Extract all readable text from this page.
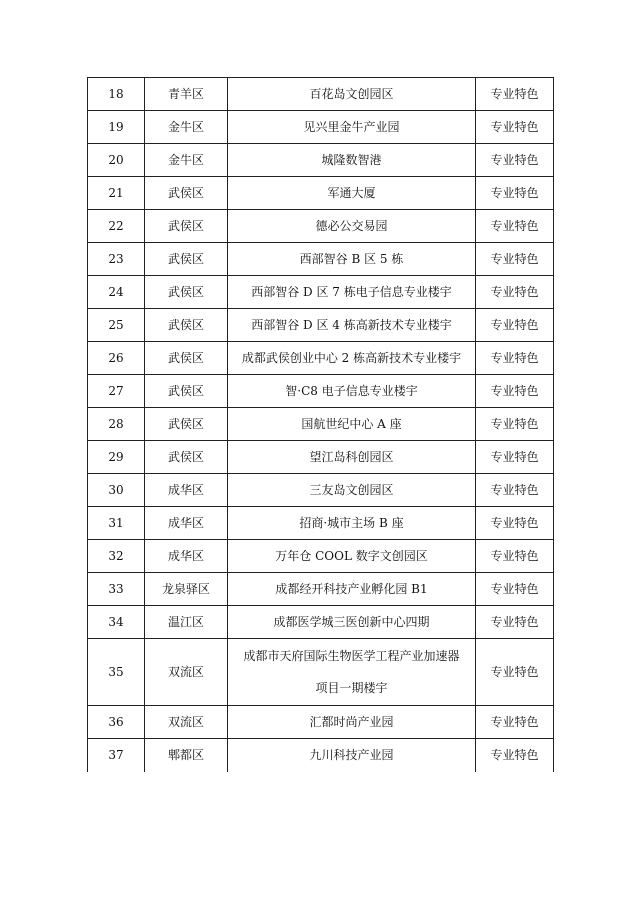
18	青羊区	百花岛文创园区	专业特色
19	金牛区	见兴里金牛产业园	专业特色
20	金牛区	城隆数智港	专业特色
21	武侯区	军通大厦	专业特色
22	武侯区	德必公交易园	专业特色
23	武侯区	西部智谷 B 区 5 栋	专业特色
24	武侯区	西部智谷 D 区 7 栋电子信息专业楼宇	专业特色
25	武侯区	西部智谷 D 区 4 栋高新技术专业楼宇	专业特色
26	武侯区	成都武侯创业中心 2 栋高新技术专业楼宇	专业特色
27	武侯区	智·C8 电子信息专业楼宇	专业特色
28	武侯区	国航世纪中心 A 座	专业特色
29	武侯区	望江岛科创园区	专业特色
30	成华区	三友岛文创园区	专业特色
31	成华区	招商·城市主场 B 座	专业特色
32	成华区	万年仓 COOL 数字文创园区	专业特色
33	龙泉驿区	成都经开科技产业孵化园 B1	专业特色
34	温江区	成都医学城三医创新中心四期	专业特色
35	双流区	成都市天府国际生物医学工程产业加速器
项目一期楼宇	专业特色
36	双流区	汇都时尚产业园	专业特色
37	郫都区	九川科技产业园	专业特色
